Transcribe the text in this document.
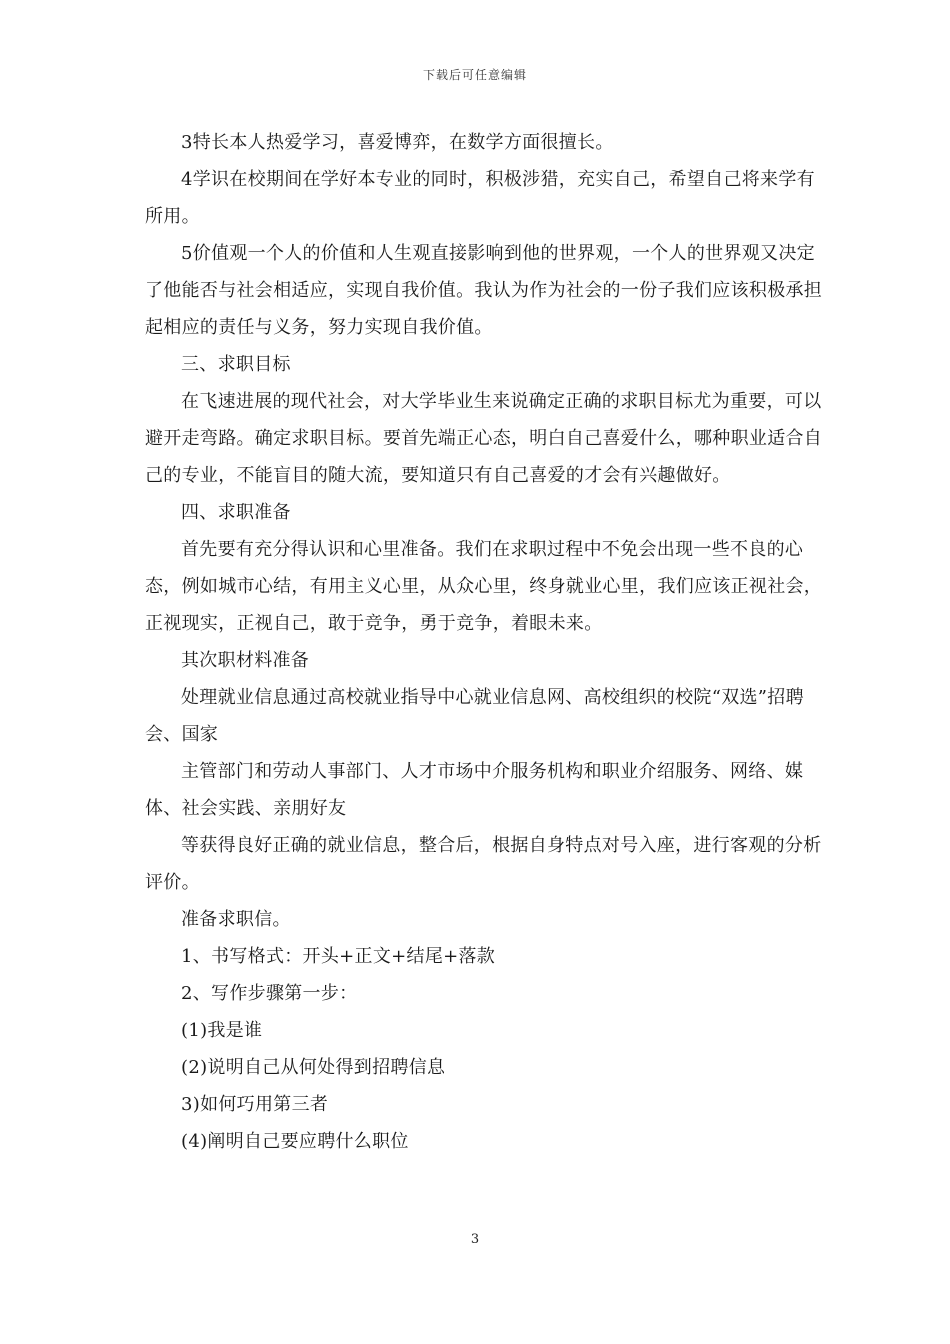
下载后可任意编辑

3特长本人热爱学习，喜爱博弈，在数学方面很擅长。

4学识在校期间在学好本专业的同时，积极涉猎，充实自己，希望自己将来学有所用。

5价值观一个人的价值和人生观直接影响到他的世界观，一个人的世界观又决定了他能否与社会相适应，实现自我价值。我认为作为社会的一份子我们应该积极承担起相应的责任与义务，努力实现自我价值。

三、求职目标

在飞速进展的现代社会，对大学毕业生来说确定正确的求职目标尤为重要，可以避开走弯路。确定求职目标。要首先端正心态，明白自己喜爱什么，哪种职业适合自己的专业，不能盲目的随大流，要知道只有自己喜爱的才会有兴趣做好。

四、求职准备

首先要有充分得认识和心里准备。我们在求职过程中不免会出现一些不良的心态，例如城市心结，有用主义心里，从众心里，终身就业心里，我们应该正视社会，正视现实，正视自己，敢于竞争，勇于竞争，着眼未来。

其次职材料准备

处理就业信息通过高校就业指导中心就业信息网、高校组织的校院“双选”招聘会、国家

主管部门和劳动人事部门、人才市场中介服务机构和职业介绍服务、网络、媒体、社会实践、亲朋好友

等获得良好正确的就业信息，整合后，根据自身特点对号入座，进行客观的分析评价。

准备求职信。

1、书写格式：开头+正文+结尾+落款

2、写作步骤第一步：

(1)我是谁

(2)说明自己从何处得到招聘信息

3)如何巧用第三者

(4)阐明自己要应聘什么职位

3
